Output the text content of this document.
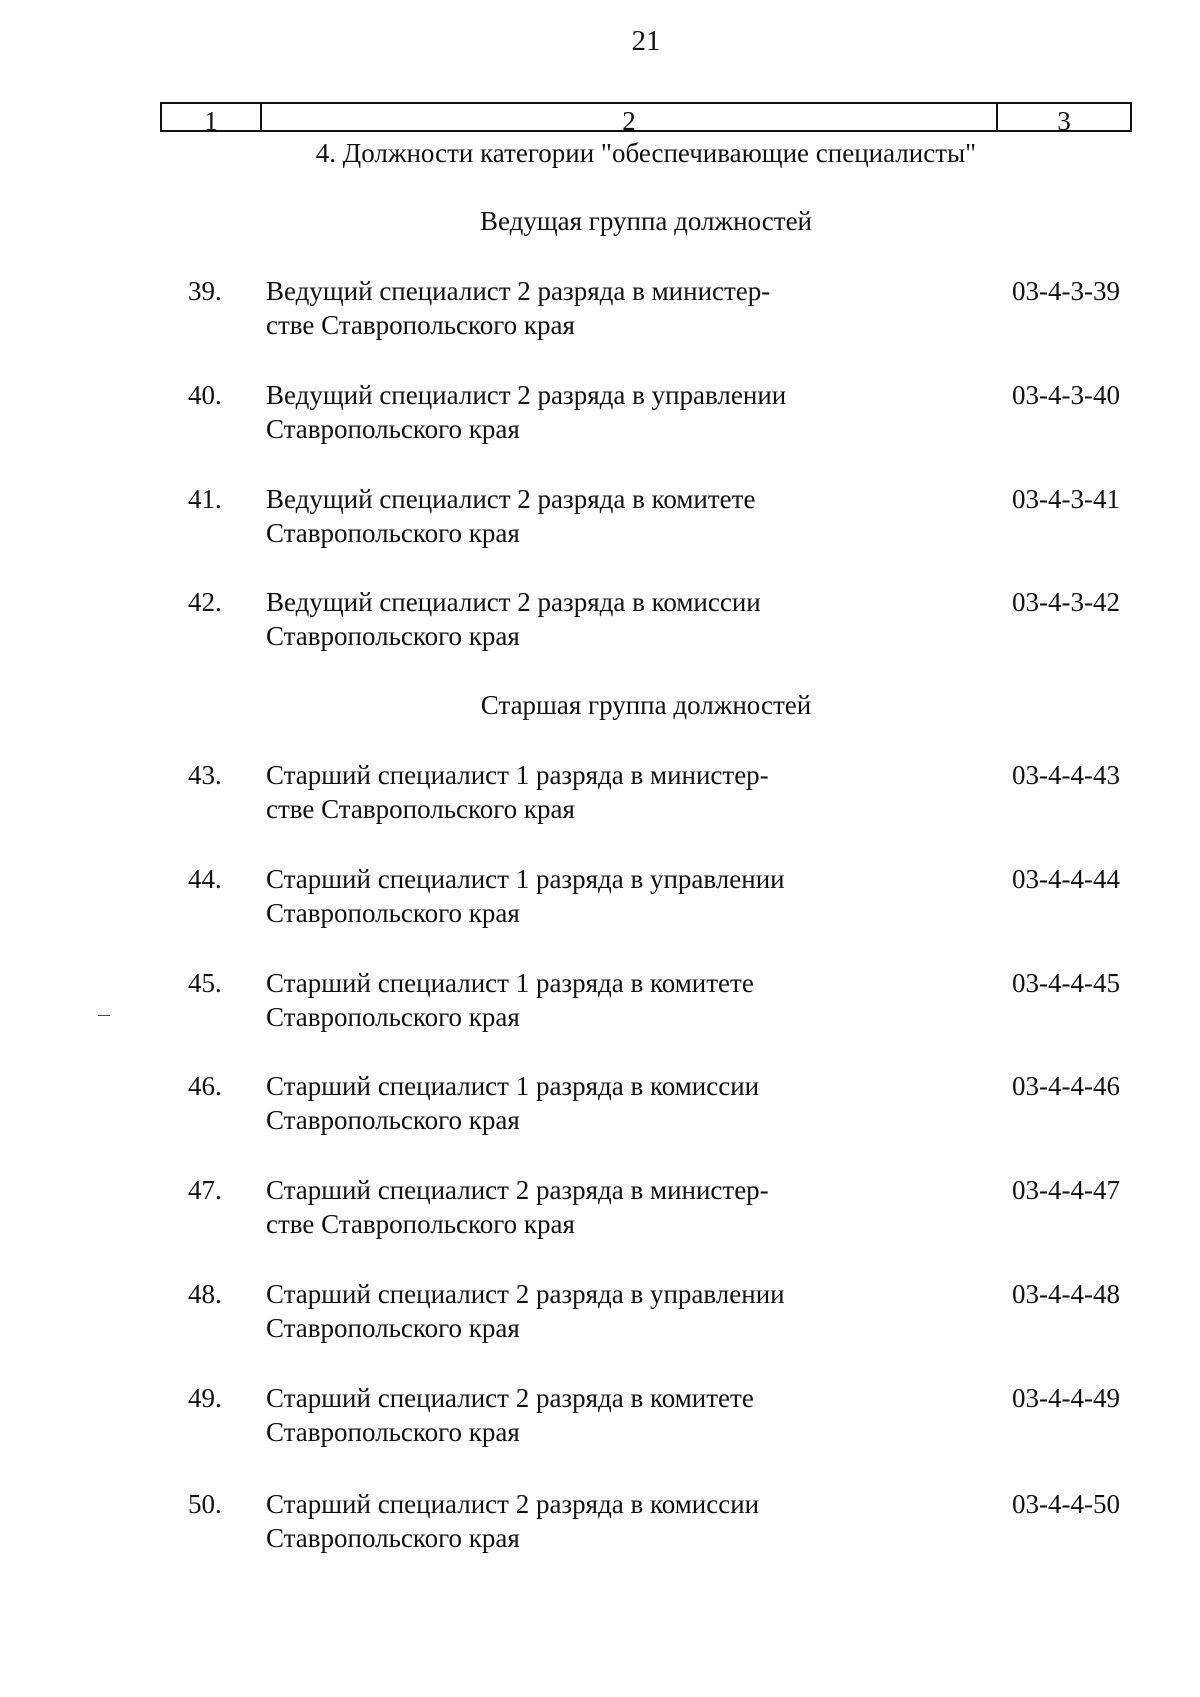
21
1	2	3
4. Должности категории "обеспечивающие специалисты"
Ведущая группа должностей
39. Ведущий специалист 2 разряда в министер-
стве Ставропольского края
03-4-3-39
40. Ведущий специалист 2 разряда в управлении
Ставропольского края
03-4-3-40
41. Ведущий специалист 2 разряда в комитете
Ставропольского края
03-4-3-41
42. Ведущий специалист 2 разряда в комиссии
Ставропольского края
03-4-3-42
Старшая группа должностей
43. Старший специалист 1 разряда в министер-
стве Ставропольского края
03-4-4-43
44. Старший специалист 1 разряда в управлении
Ставропольского края
03-4-4-44
45. Старший специалист 1 разряда в комитете
Ставропольского края
03-4-4-45
46. Старший специалист 1 разряда в комиссии
Ставропольского края
03-4-4-46
47. Старший специалист 2 разряда в министер-
стве Ставропольского края
03-4-4-47
48. Старший специалист 2 разряда в управлении
Ставропольского края
03-4-4-48
49. Старший специалист 2 разряда в комитете
Ставропольского края
03-4-4-49
50. Старший специалист 2 разряда в комиссии
Ставропольского края
03-4-4-50
